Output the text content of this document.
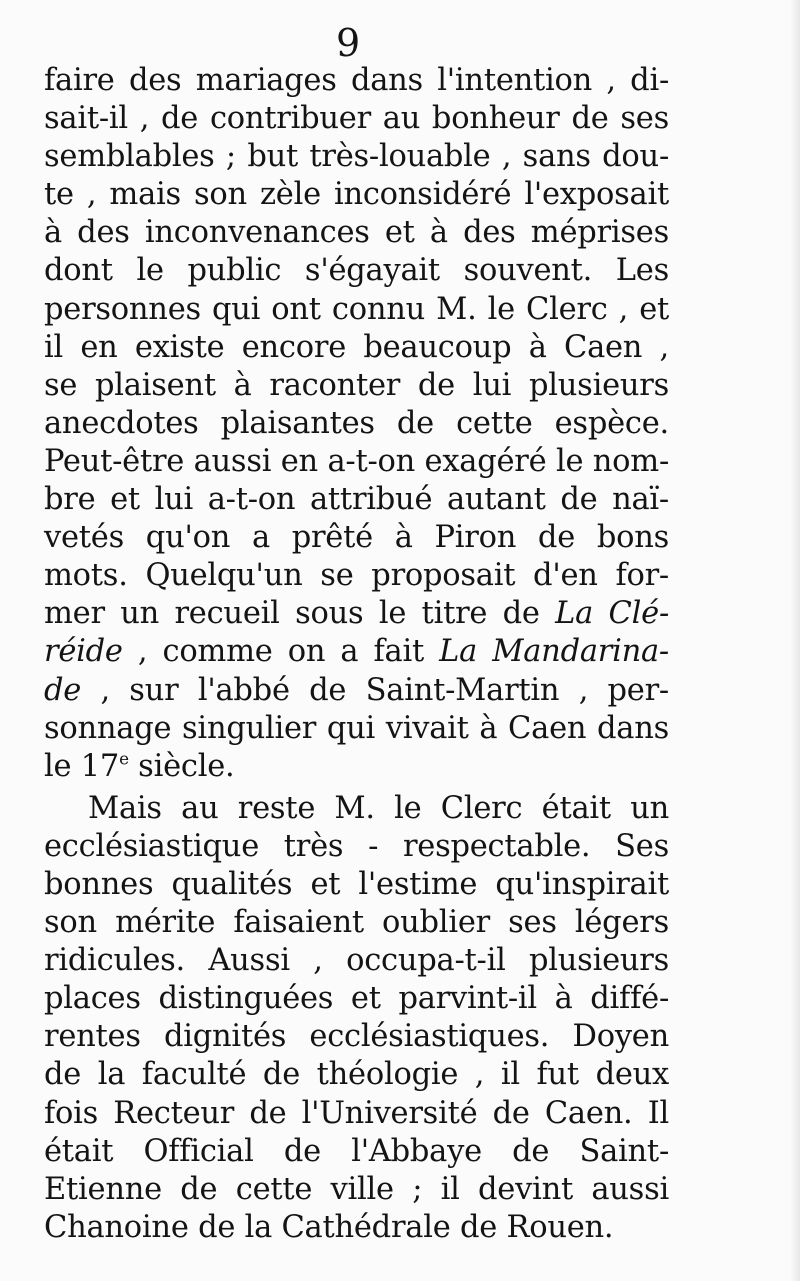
9
faire des mariages dans l'intention , di-
sait-il , de contribuer au bonheur de ses
semblables ; but très-louable , sans dou-
te , mais son zèle inconsidéré l'exposait
à des inconvenances et à des méprises
dont le public s'égayait souvent. Les
personnes qui ont connu M. le Clerc , et
il en existe encore beaucoup à Caen ,
se plaisent à raconter de lui plusieurs
anecdotes plaisantes de cette espèce.
Peut-être aussi en a-t-on exagéré le nom-
bre et lui a-t-on attribué autant de naï-
vetés qu'on a prêté à Piron de bons
mots. Quelqu'un se proposait d'en for-
mer un recueil sous le titre de La Clé-
réide , comme on a fait La Mandarina-
de , sur l'abbé de Saint-Martin , per-
sonnage singulier qui vivait à Caen dans
le 17e siècle.
Mais au reste M. le Clerc était un
ecclésiastique très - respectable. Ses
bonnes qualités et l'estime qu'inspirait
son mérite faisaient oublier ses légers
ridicules. Aussi , occupa-t-il plusieurs
places distinguées et parvint-il à diffé-
rentes dignités ecclésiastiques. Doyen
de la faculté de théologie , il fut deux
fois Recteur de l'Université de Caen. Il
était Official de l'Abbaye de Saint-
Etienne de cette ville ; il devint aussi
Chanoine de la Cathédrale de Rouen.
